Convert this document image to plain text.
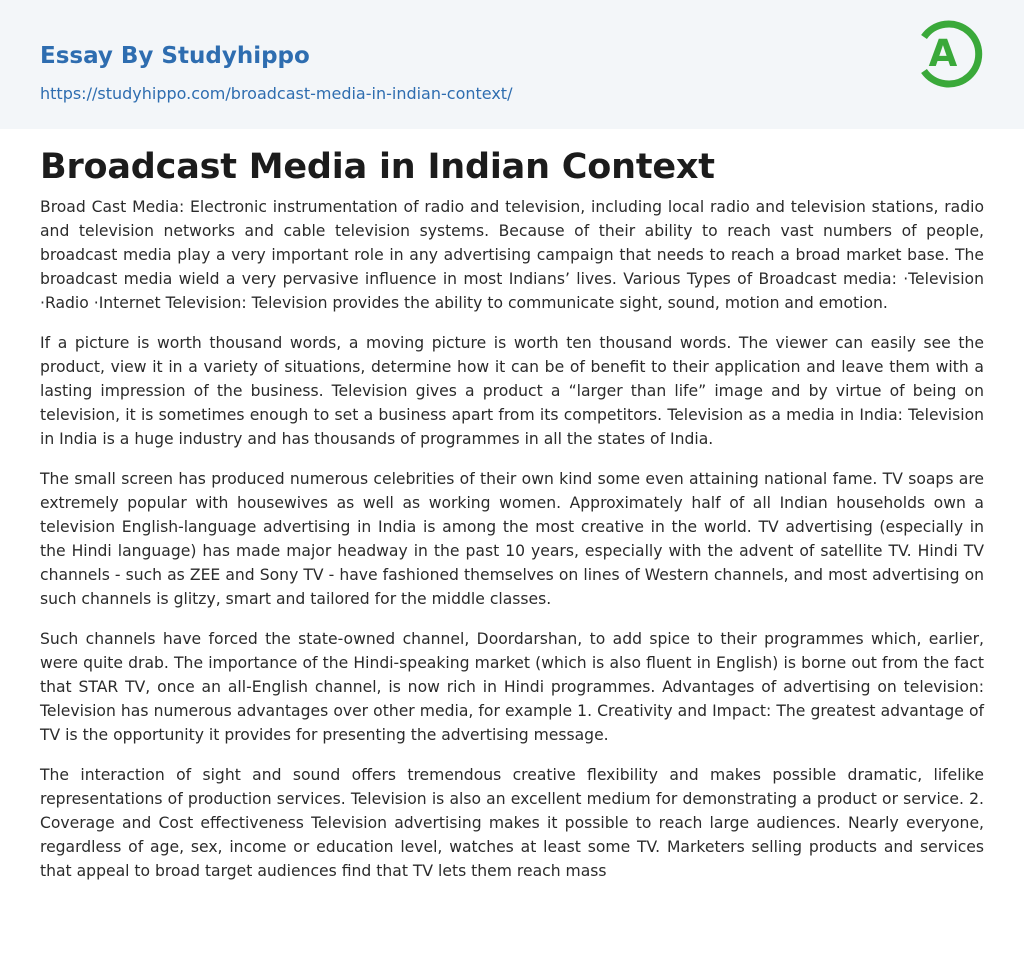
Essay By Studyhippo
https://studyhippo.com/broadcast-media-in-indian-context/
A
Broadcast Media in Indian Context

Broad Cast Media: Electronic instrumentation of radio and television, including local radio and television stations, radio and television networks and cable television systems. Because of their ability to reach vast numbers of people, broadcast media play a very important role in any advertising campaign that needs to reach a broad market base. The broadcast media wield a very pervasive influence in most Indians’ lives. Various Types of Broadcast media: ·Television ·Radio ·Internet Television: Television provides the ability to communicate sight, sound, motion and emotion.

If a picture is worth thousand words, a moving picture is worth ten thousand words. The viewer can easily see the product, view it in a variety of situations, determine how it can be of benefit to their application and leave them with a lasting impression of the business. Television gives a product a “larger than life” image and by virtue of being on television, it is sometimes enough to set a business apart from its competitors. Television as a media in India: Television in India is a huge industry and has thousands of programmes in all the states of India.

The small screen has produced numerous celebrities of their own kind some even attaining national fame. TV soaps are extremely popular with housewives as well as working women. Approximately half of all Indian households own a television English-language advertising in India is among the most creative in the world. TV advertising (especially in the Hindi language) has made major headway in the past 10 years, especially with the advent of satellite TV. Hindi TV channels - such as ZEE and Sony TV - have fashioned themselves on lines of Western channels, and most advertising on such channels is glitzy, smart and tailored for the middle classes.

Such channels have forced the state-owned channel, Doordarshan, to add spice to their programmes which, earlier, were quite drab. The importance of the Hindi-speaking market (which is also fluent in English) is borne out from the fact that STAR TV, once an all-English channel, is now rich in Hindi programmes. Advantages of advertising on television: Television has numerous advantages over other media, for example 1. Creativity and Impact: The greatest advantage of TV is the opportunity it provides for presenting the advertising message.

The interaction of sight and sound offers tremendous creative flexibility and makes possible dramatic, lifelike representations of production services. Television is also an excellent medium for demonstrating a product or service. 2. Coverage and Cost effectiveness Television advertising makes it possible to reach large audiences. Nearly everyone, regardless of age, sex, income or education level, watches at least some TV. Marketers selling products and services that appeal to broad target audiences find that TV lets them reach mass
